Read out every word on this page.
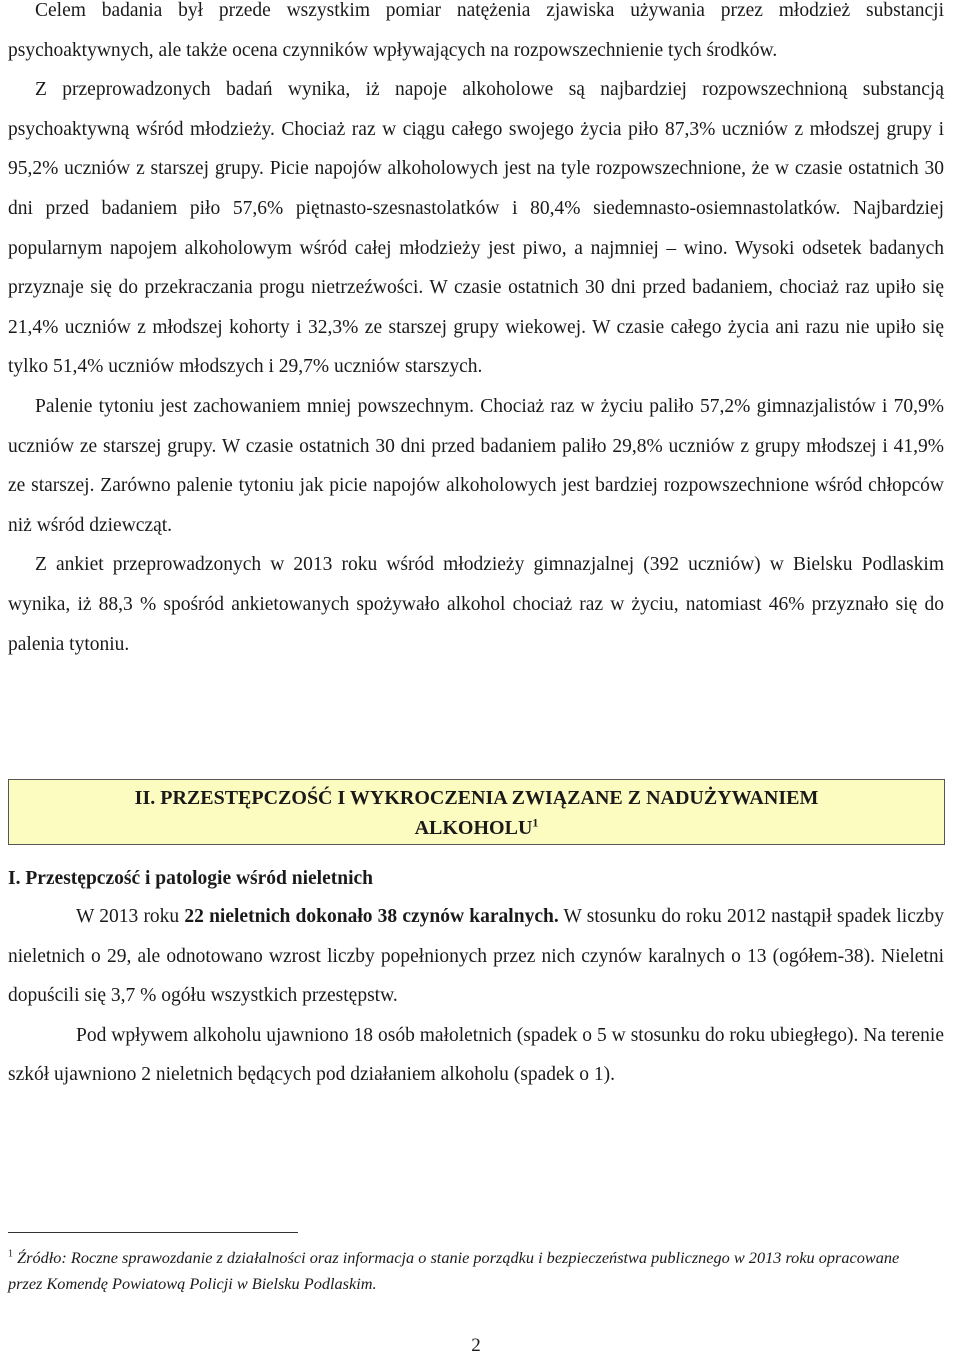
Celem badania był przede wszystkim pomiar natężenia zjawiska używania przez młodzież substancji psychoaktywnych, ale także ocena czynników wpływających na rozpowszechnienie tych środków.

Z przeprowadzonych badań wynika, iż napoje alkoholowe są najbardziej rozpowszechnioną substancją psychoaktywną wśród młodzieży. Chociaż raz w ciągu całego swojego życia piło 87,3% uczniów z młodszej grupy i 95,2% uczniów z starszej grupy. Picie napojów alkoholowych jest na tyle rozpowszechnione, że w czasie ostatnich 30 dni przed badaniem piło 57,6% piętnasto-szesnastolatków i 80,4% siedemnasto-osiemnastolatków. Najbardziej popularnym napojem alkoholowym wśród całej młodzieży jest piwo, a najmniej – wino. Wysoki odsetek badanych przyznaje się do przekraczania progu nietrzeźwości. W czasie ostatnich 30 dni przed badaniem, chociaż raz upiło się 21,4% uczniów z młodszej kohorty i 32,3% ze starszej grupy wiekowej. W czasie całego życia ani razu nie upiło się tylko 51,4% uczniów młodszych i 29,7% uczniów starszych.

Palenie tytoniu jest zachowaniem mniej powszechnym. Chociaż raz w życiu paliło 57,2% gimnazjalistów i 70,9% uczniów ze starszej grupy. W czasie ostatnich 30 dni przed badaniem paliło 29,8% uczniów z grupy młodszej i 41,9% ze starszej. Zarówno palenie tytoniu jak picie napojów alkoholowych jest bardziej rozpowszechnione wśród chłopców niż wśród dziewcząt.

Z ankiet przeprowadzonych w 2013 roku wśród młodzieży gimnazjalnej (392 uczniów) w Bielsku Podlaskim wynika, iż 88,3 % spośród ankietowanych spożywało alkohol chociaż raz w życiu, natomiast 46% przyznało się do palenia tytoniu.

II. PRZESTĘPCZOŚĆ I WYKROCZENIA ZWIĄZANE Z NADUŻYWANIEM
ALKOHOLU$^1$

I. Przestępczość i patologie wśród nieletnich

W 2013 roku 22 nieletnich dokonało 38 czynów karalnych. W stosunku do roku 2012 nastąpił spadek liczby nieletnich o 29, ale odnotowano wzrost liczby popełnionych przez nich czynów karalnych o 13 (ogółem-38). Nieletni dopuścili się 3,7 % ogółu wszystkich przestępstw.

Pod wpływem alkoholu ujawniono 18 osób małoletnich (spadek o 5 w stosunku do roku ubiegłego). Na terenie szkół ujawniono 2 nieletnich będących pod działaniem alkoholu (spadek o 1).

$^1$ Źródło: Roczne sprawozdanie z działalności oraz informacja o stanie porządku i bezpieczeństwa publicznego w 2013 roku opracowane przez Komendę Powiatową Policji w Bielsku Podlaskim.
2
